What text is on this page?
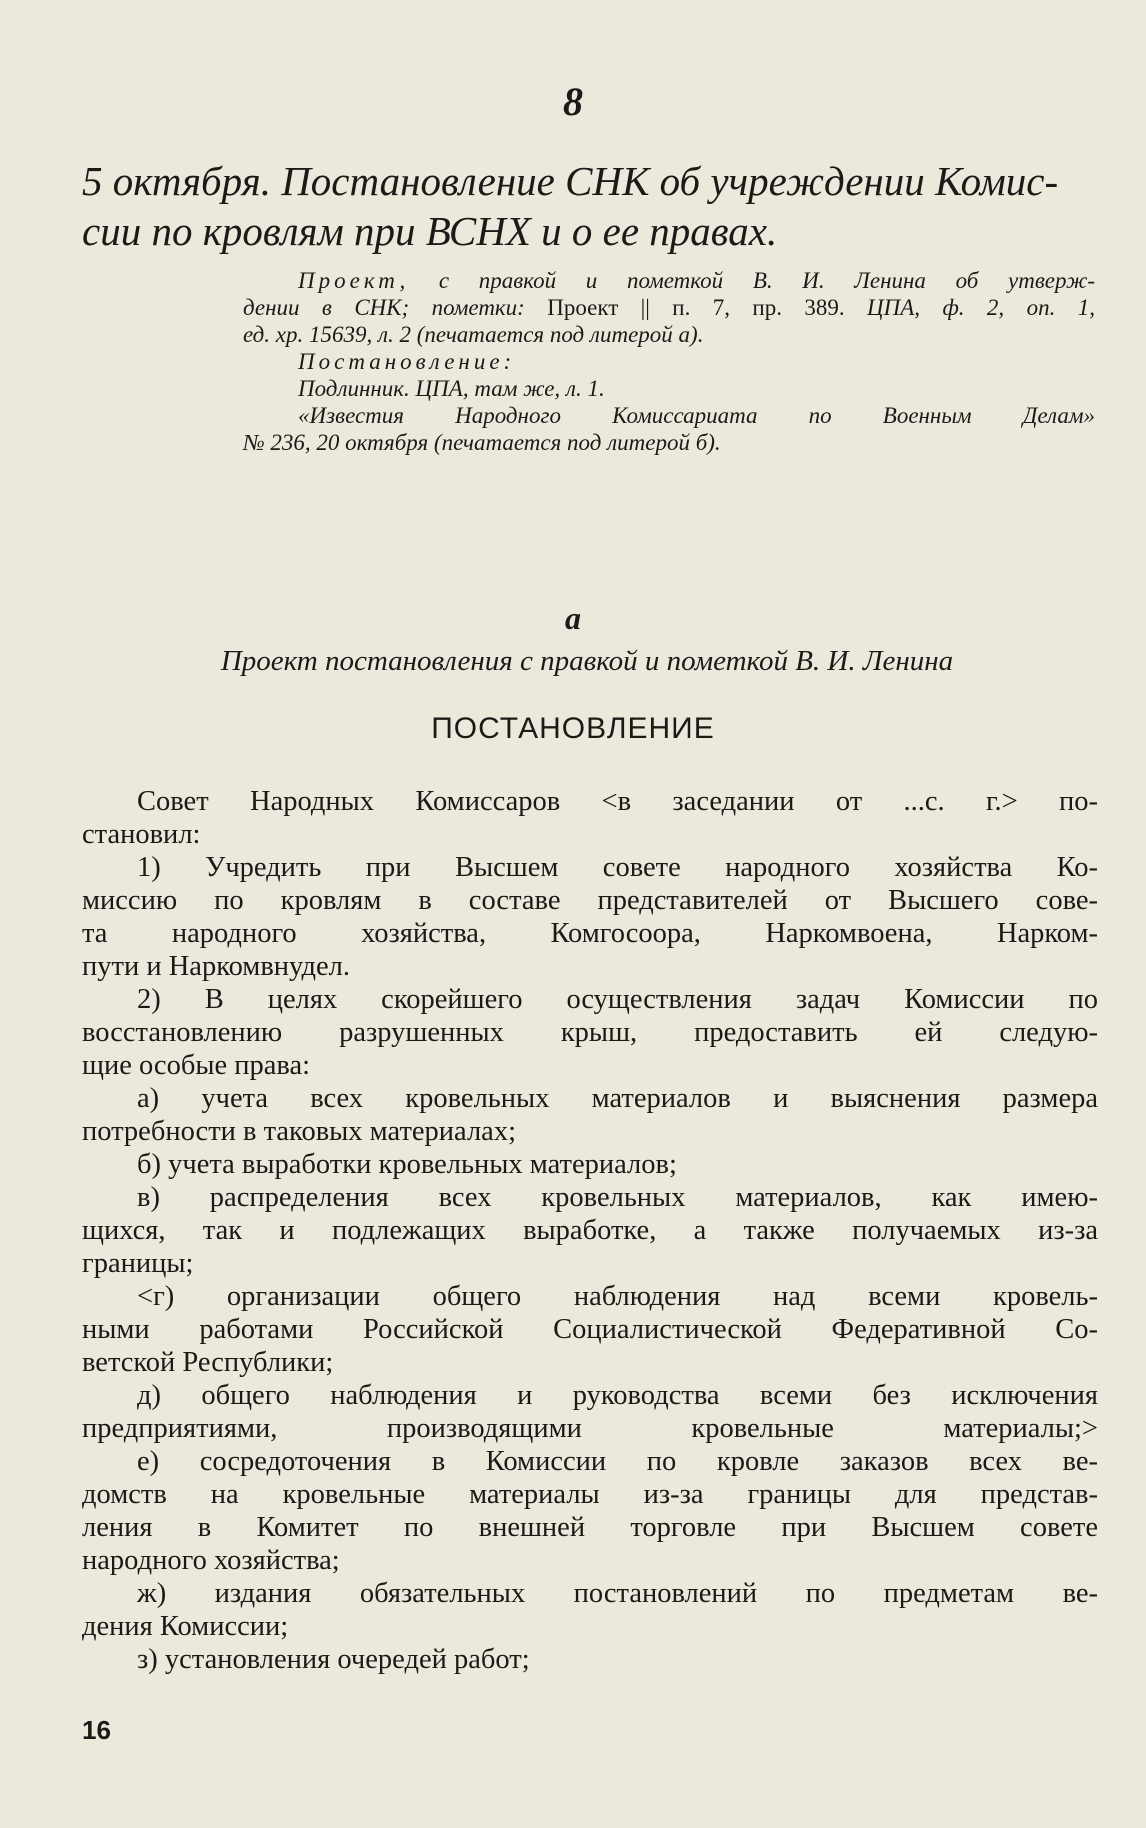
8
5 октября. Постановление СНК об учреждении Комис-
сии по кровлям при ВСНХ и о ее правах.
Проект, с правкой и пометкой В. И. Ленина об утверж-
дении в СНК; пометки: Проект || п. 7, пр. 389. ЦПА, ф. 2, оп. 1,
ед. хр. 15639, л. 2 (печатается под литерой а).
Постановление:
Подлинник. ЦПА, там же, л. 1.
«Известия Народного Комиссариата по Военным Делам»
№ 236, 20 октября (печатается под литерой б).
а
Проект постановления с правкой и пометкой В. И. Ленина
ПОСТАНОВЛЕНИЕ
Совет Народных Комиссаров <в заседании от ...с. г.> по-
становил:
1) Учредить при Высшем совете народного хозяйства Ко-
миссию по кровлям в составе представителей от Высшего сове-
та народного хозяйства, Комгосоора, Наркомвоена, Нарком-
пути и Наркомвнудел.
2) В целях скорейшего осуществления задач Комиссии по
восстановлению разрушенных крыш, предоставить ей следую-
щие особые права:
а) учета всех кровельных материалов и выяснения размера
потребности в таковых материалах;
б) учета выработки кровельных материалов;
в) распределения всех кровельных материалов, как имею-
щихся, так и подлежащих выработке, а также получаемых из-за
границы;
<г) организации общего наблюдения над всеми кровель-
ными работами Российской Социалистической Федеративной Со-
ветской Республики;
д) общего наблюдения и руководства всеми без исключения
предприятиями, производящими кровельные материалы;>
е) сосредоточения в Комиссии по кровле заказов всех ве-
домств на кровельные материалы из-за границы для представ-
ления в Комитет по внешней торговле при Высшем совете
народного хозяйства;
ж) издания обязательных постановлений по предметам ве-
дения Комиссии;
з) установления очередей работ;
16
